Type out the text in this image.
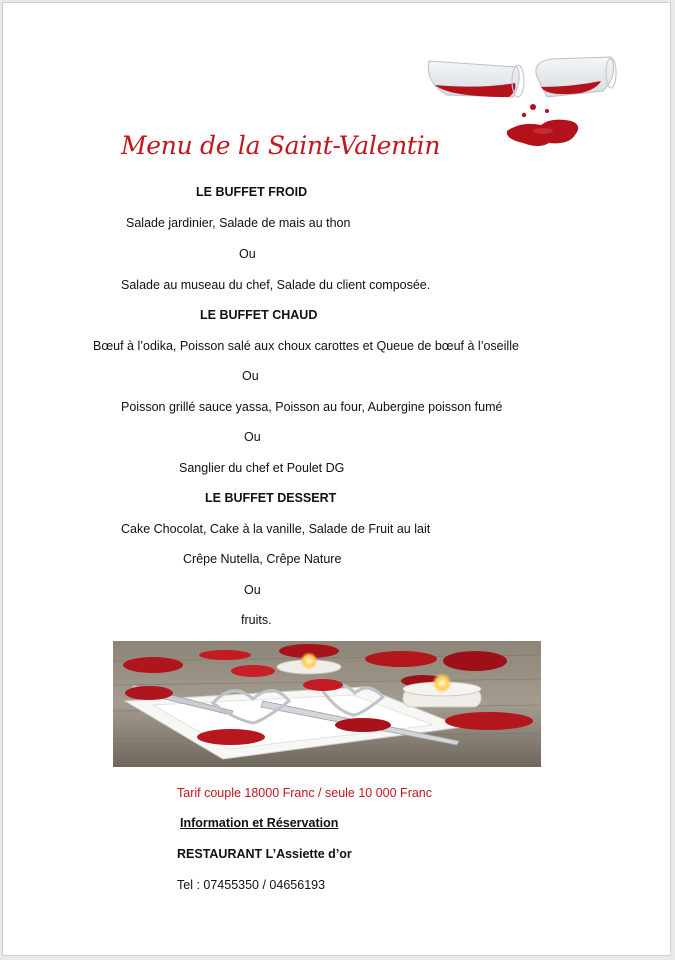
Menu de la Saint-Valentin
LE BUFFET FROID
Salade jardinier, Salade de mais au thon
Ou
Salade au museau du chef, Salade du client composée.
LE BUFFET CHAUD
Bœuf à l’odika, Poisson salé aux choux carottes et Queue de bœuf à l’oseille
Ou
Poisson grillé sauce yassa, Poisson au four, Aubergine poisson fumé
Ou
Sanglier du chef et Poulet DG
LE BUFFET DESSERT
Cake Chocolat, Cake à la vanille, Salade de Fruit au lait
Crêpe Nutella, Crêpe Nature
Ou
fruits.
Tarif couple 18000 Franc / seule 10 000 Franc
Information et Réservation
RESTAURANT L’Assiette d’or
Tel : 07455350 / 04656193
